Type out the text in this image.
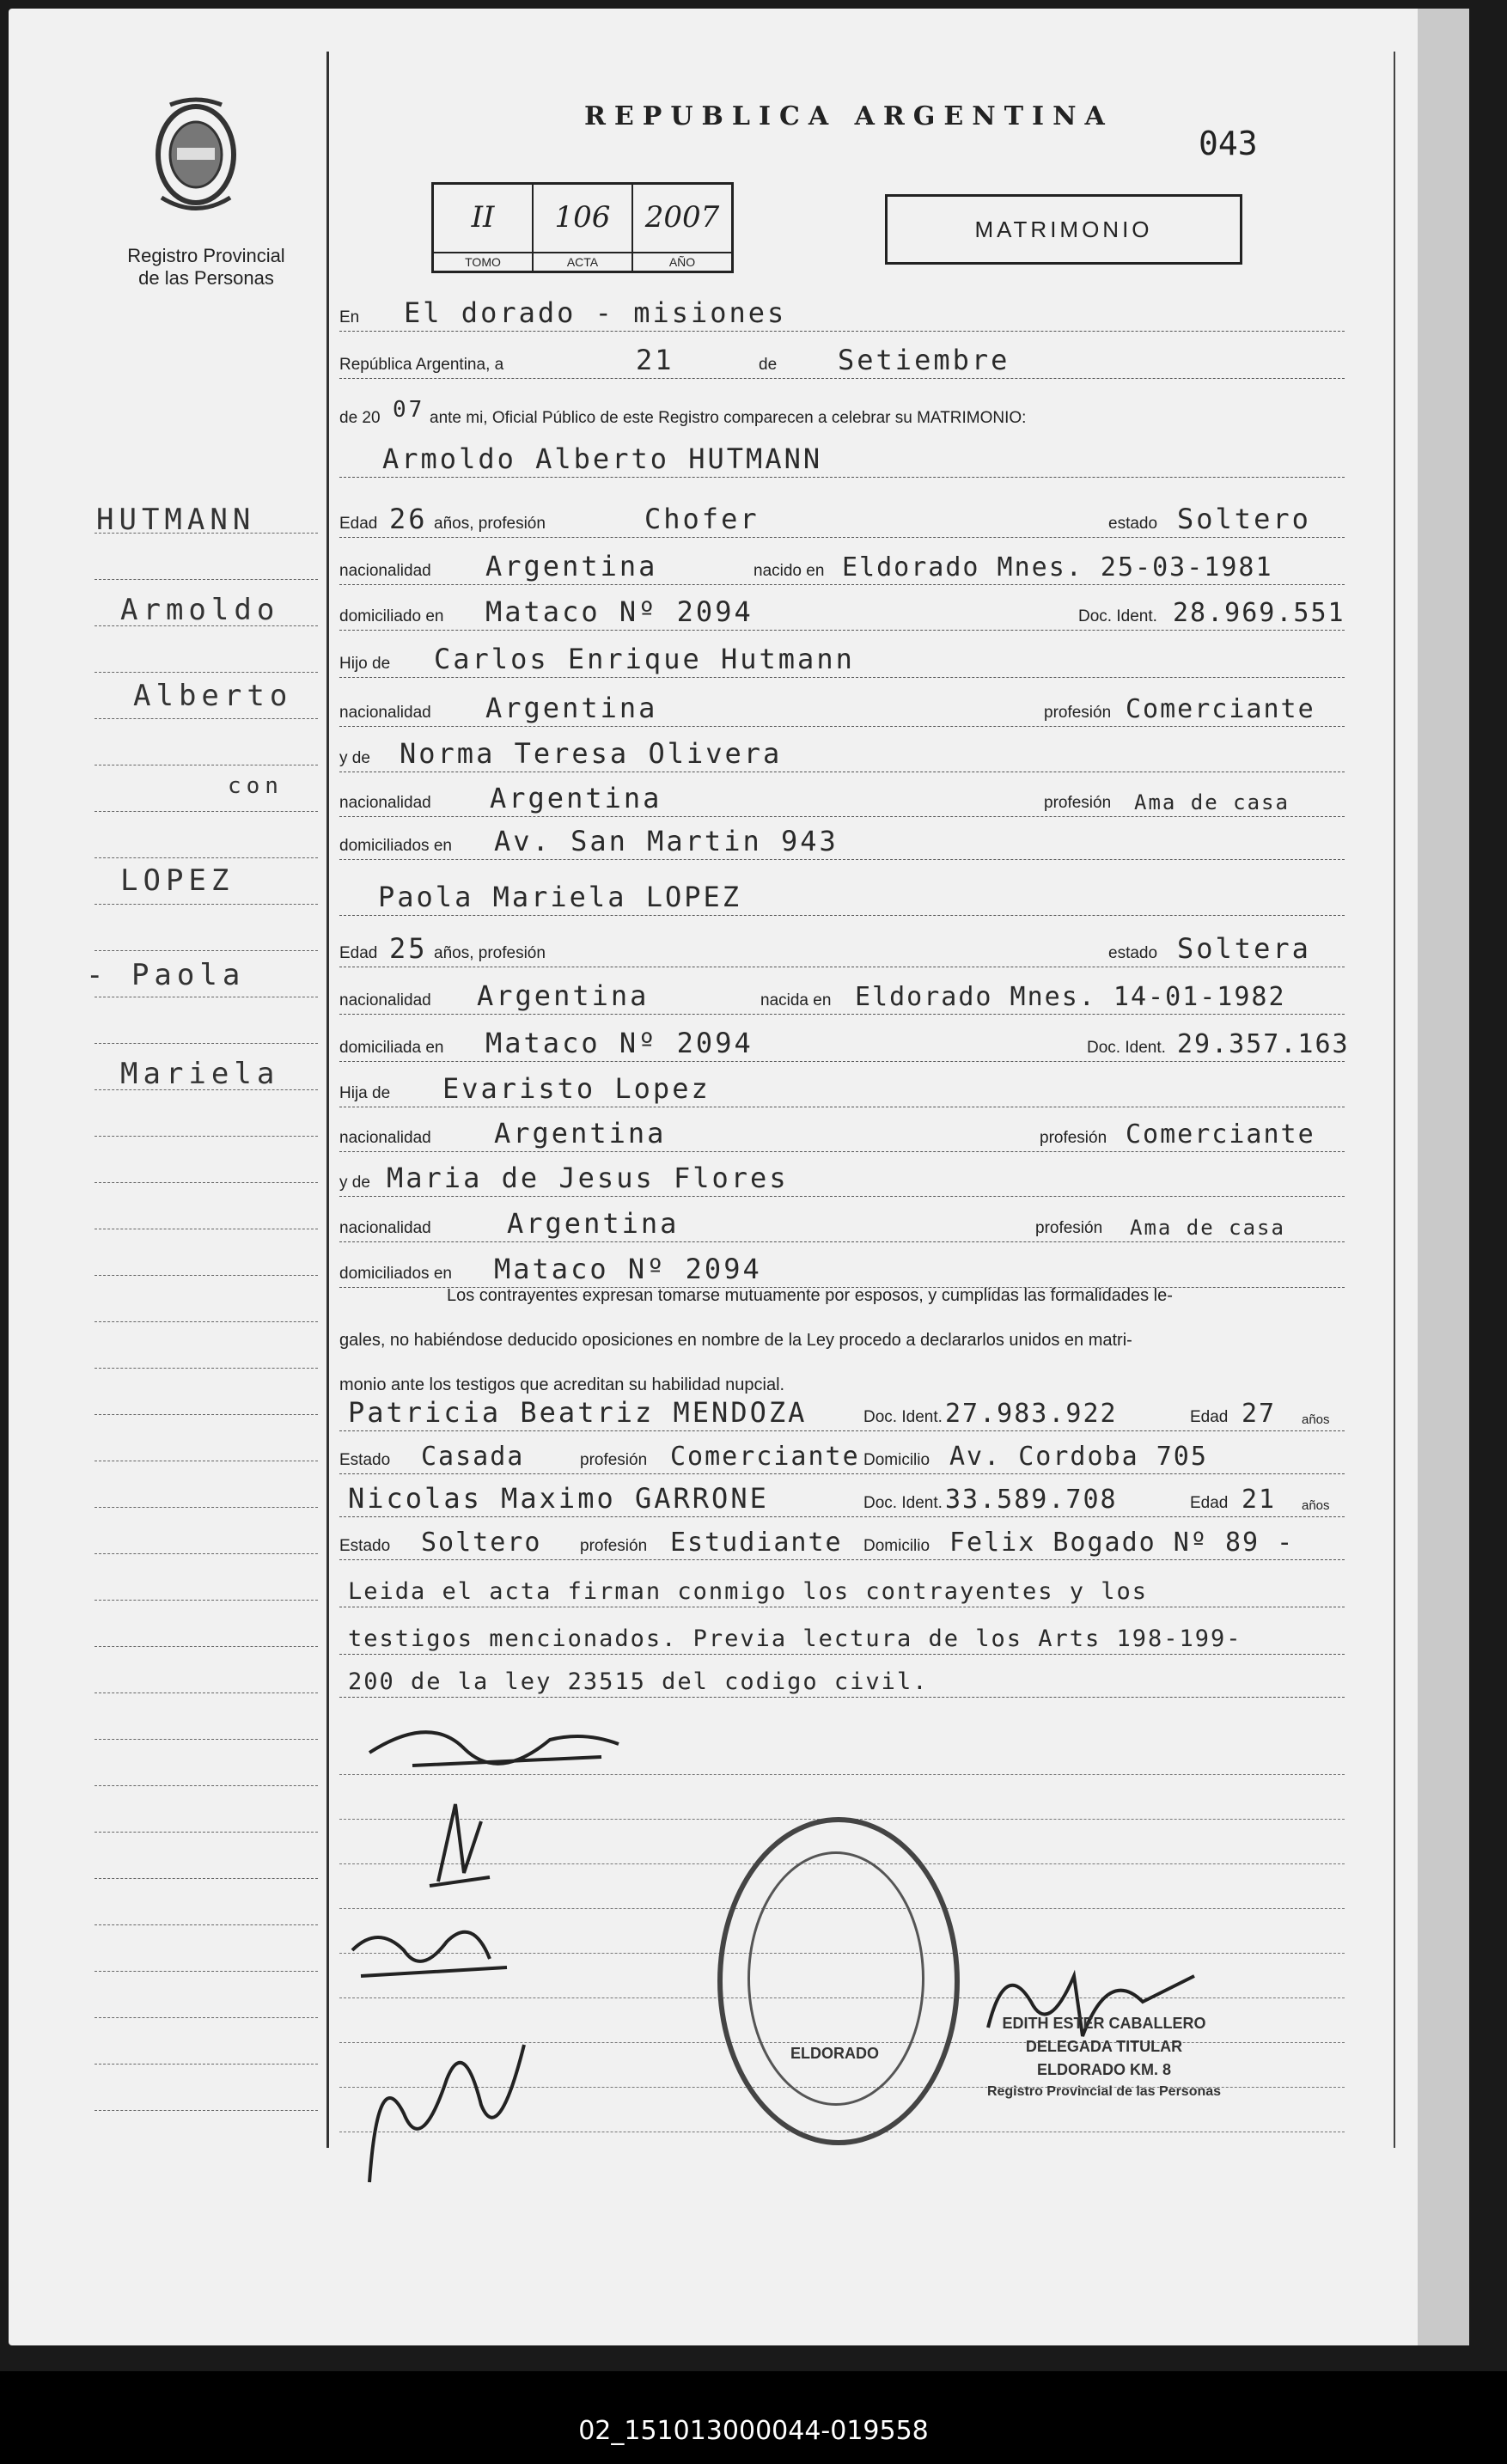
Registro Provincial
de las Personas
HUTMANN
Armoldo
Alberto
con
LOPEZ
- Paola
Mariela
REPUBLICA ARGENTINA
043
II
TOMO
106
ACTA
2007
AÑO
MATRIMONIO
En El dorado - misiones
República Argentina, a	21	de Setiembre
de 20 07 ante mi, Oficial Público de este Registro comparecen a celebrar su MATRIMONIO:
Armoldo Alberto HUTMANN
Edad 26 años, profesión	Chofer	estado Soltero
nacionalidad Argentina	nacido en Eldorado Mnes. 25-03-1981
domiciliado en Mataco Nº 2094	Doc. Ident. 28.969.551
Hijo de Carlos Enrique Hutmann
nacionalidad Argentina	profesión Comerciante
y de Norma Teresa Olivera
nacionalidad Argentina	profesión Ama de casa
domiciliados en Av. San Martin 943
Paola Mariela LOPEZ
Edad 25 años, profesión	estado Soltera
nacionalidad Argentina	nacida en Eldorado Mnes. 14-01-1982
domiciliada en Mataco Nº 2094	Doc. Ident. 29.357.163
Hija de Evaristo Lopez
nacionalidad Argentina	profesión Comerciante
y de Maria de Jesus Flores
nacionalidad	Argentina	profesión Ama de casa
domiciliados en Mataco Nº 2094
Los contrayentes expresan tomarse mutuamente por esposos, y cumplidas las formalidades le-
gales, no habiéndose deducido oposiciones en nombre de la Ley procedo a declararlos unidos en matri-
monio ante los testigos que acreditan su habilidad nupcial.
Patricia Beatriz MENDOZA	Doc. Ident. 27.983.922	Edad 27 años
Estado Casada	profesión Comerciante Domicilio Av. Cordoba 705
Nicolas Maximo GARRONE	Doc. Ident. 33.589.708	Edad 21 años
Estado Soltero profesión Estudiante Domicilio Felix Bogado Nº 89 -
Leida el acta firman conmigo los contrayentes y los
testigos mencionados. Previa lectura de los Arts 198-199-
200 de la ley 23515 del codigo civil.
ELDORADO
EDITH ESTER CABALLERO
DELEGADA TITULAR
ELDORADO KM. 8
Registro Provincial de las Personas
02_151013000044-019558
